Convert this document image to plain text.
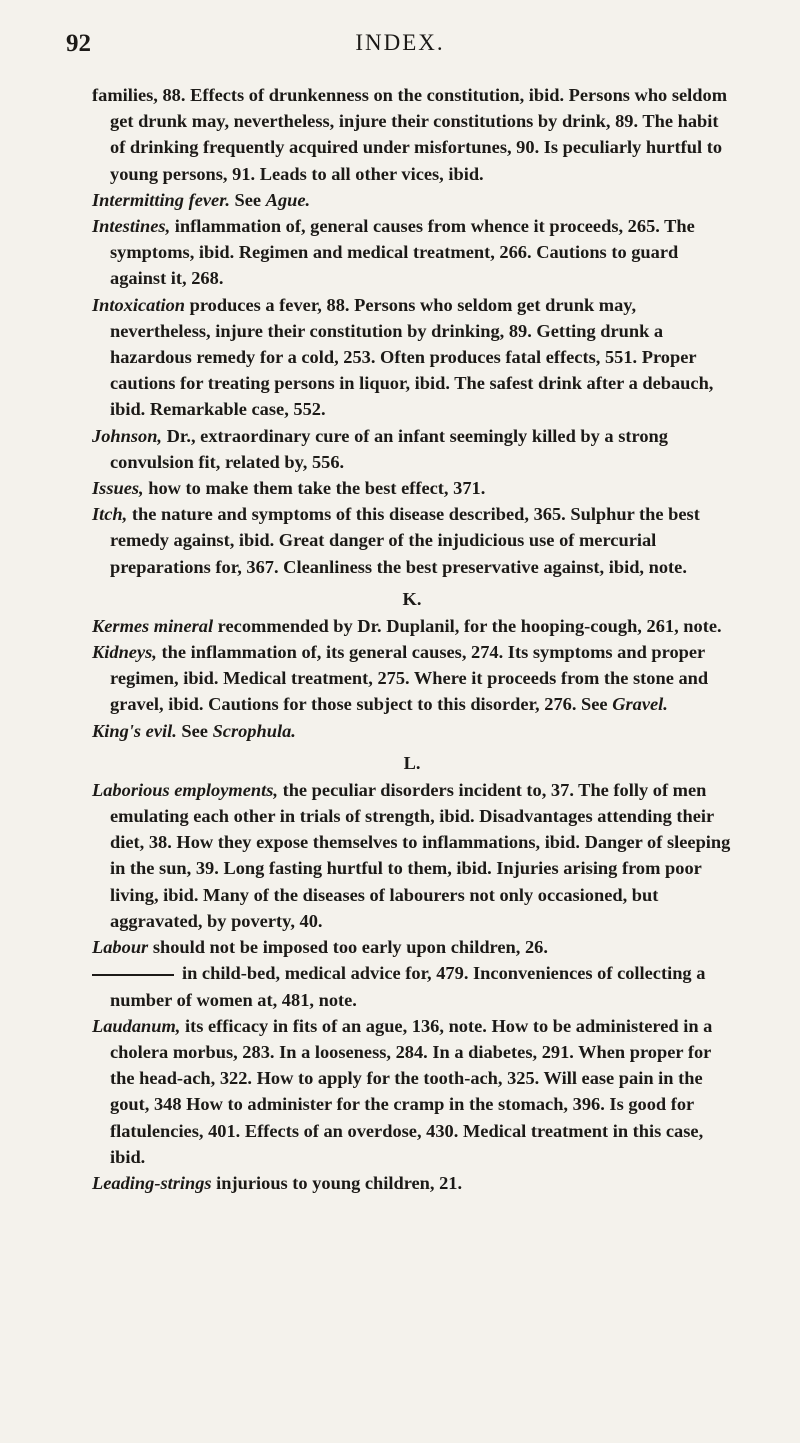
92	INDEX.

families, 88. Effects of drunkenness on the constitution, ibid. Persons who seldom get drunk may, nevertheless, injure their constitutions by drink, 89. The habit of drinking frequently acquired under misfortunes, 90. Is peculiarly hurtful to young persons, 91. Leads to all other vices, ibid.

Intermitting fever. See Ague.

Intestines, inflammation of, general causes from whence it proceeds, 265. The symptoms, ibid. Regimen and medical treatment, 266. Cautions to guard against it, 268.

Intoxication produces a fever, 88. Persons who seldom get drunk may, nevertheless, injure their constitution by drinking, 89. Getting drunk a hazardous remedy for a cold, 253. Often produces fatal effects, 551. Proper cautions for treating persons in liquor, ibid. The safest drink after a debauch, ibid. Remarkable case, 552.

Johnson, Dr., extraordinary cure of an infant seemingly killed by a strong convulsion fit, related by, 556.

Issues, how to make them take the best effect, 371.

Itch, the nature and symptoms of this disease described, 365. Sulphur the best remedy against, ibid. Great danger of the injudicious use of mercurial preparations for, 367. Cleanliness the best preservative against, ibid, note.

K.

Kermes mineral recommended by Dr. Duplanil, for the hooping-cough, 261, note.

Kidneys, the inflammation of, its general causes, 274. Its symptoms and proper regimen, ibid. Medical treatment, 275. Where it proceeds from the stone and gravel, ibid. Cautions for those subject to this disorder, 276. See Gravel.

King's evil. See Scrophula.

L.

Laborious employments, the peculiar disorders incident to, 37. The folly of men emulating each other in trials of strength, ibid. Disadvantages attending their diet, 38. How they expose themselves to inflammations, ibid. Danger of sleeping in the sun, 39. Long fasting hurtful to them, ibid. Injuries arising from poor living, ibid. Many of the diseases of labourers not only occasioned, but aggravated, by poverty, 40.

Labour should not be imposed too early upon children, 26.

in child-bed, medical advice for, 479. Inconveniences of collecting a number of women at, 481, note.

Laudanum, its efficacy in fits of an ague, 136, note. How to be administered in a cholera morbus, 283. In a looseness, 284. In a diabetes, 291. When proper for the head-ach, 322. How to apply for the tooth-ach, 325. Will ease pain in the gout, 348 How to administer for the cramp in the stomach, 396. Is good for flatulencies, 401. Effects of an overdose, 430. Medical treatment in this case, ibid.

Leading-strings injurious to young children, 21.
